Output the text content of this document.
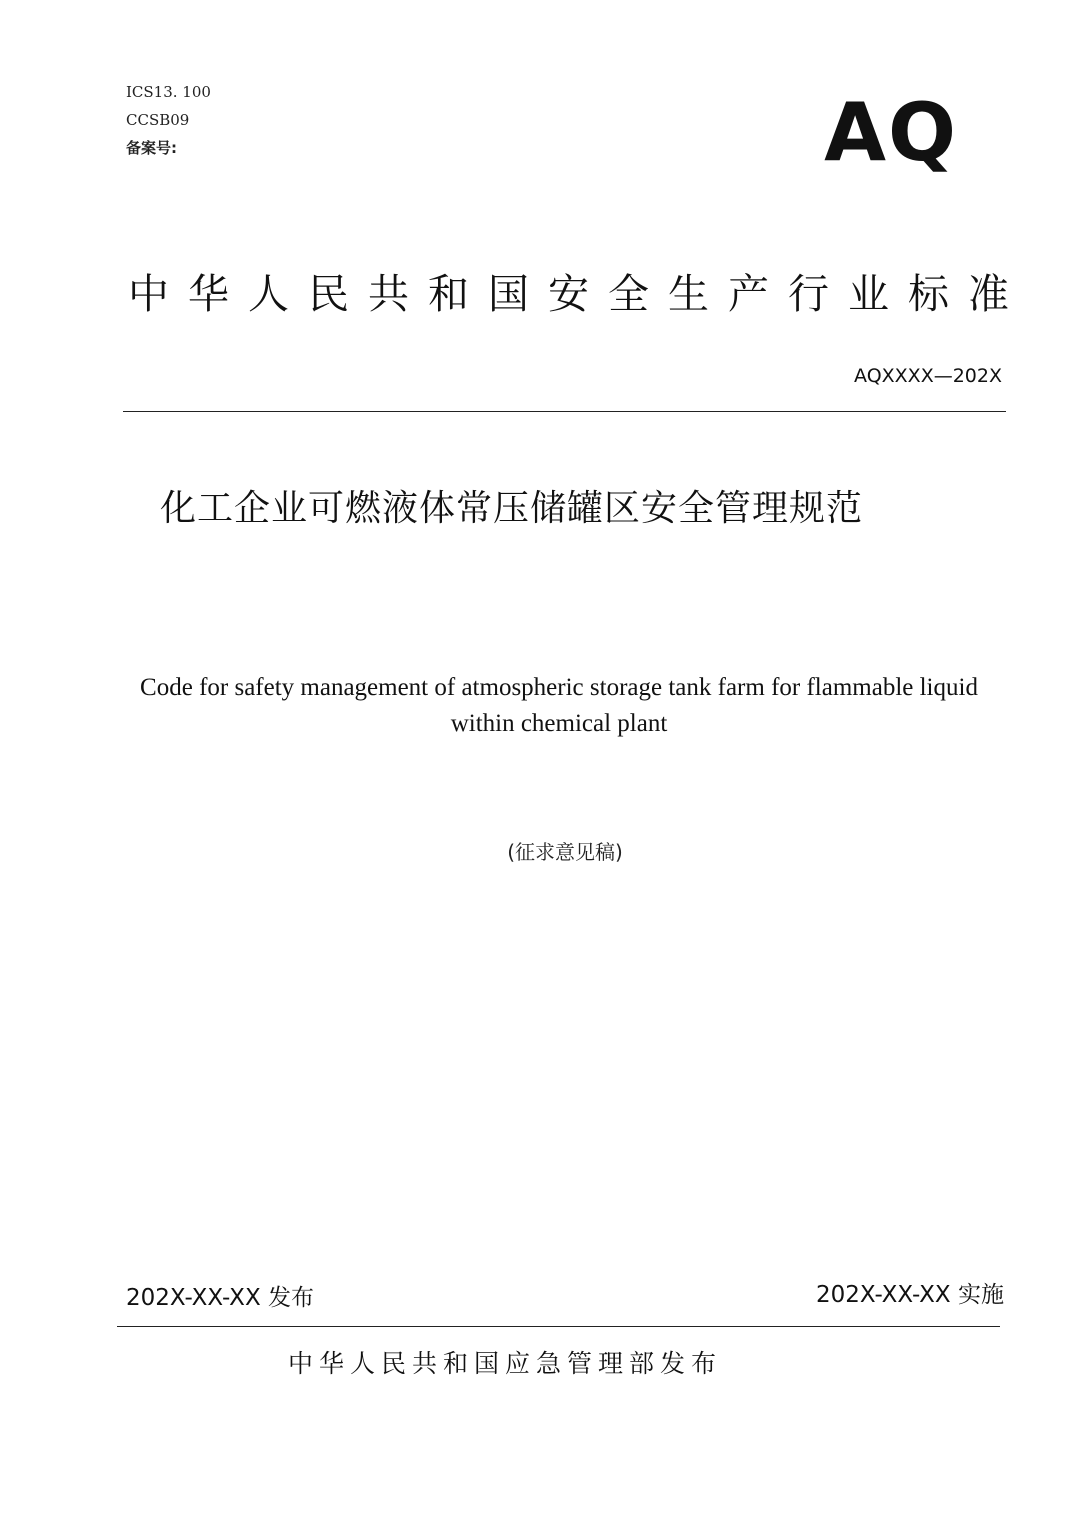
ICS13. 100
CCSB09
备案号:	AQ
中华人民共和国安全生产行业标准
AQXXXX—202X
化工企业可燃液体常压储罐区安全管理规范
Code for safety management of atmospheric storage tank farm for flammable liquid within chemical plant
(征求意见稿)
202X-XX-XX 发布	202X-XX-XX 实施
中华人民共和国应急管理部发布
